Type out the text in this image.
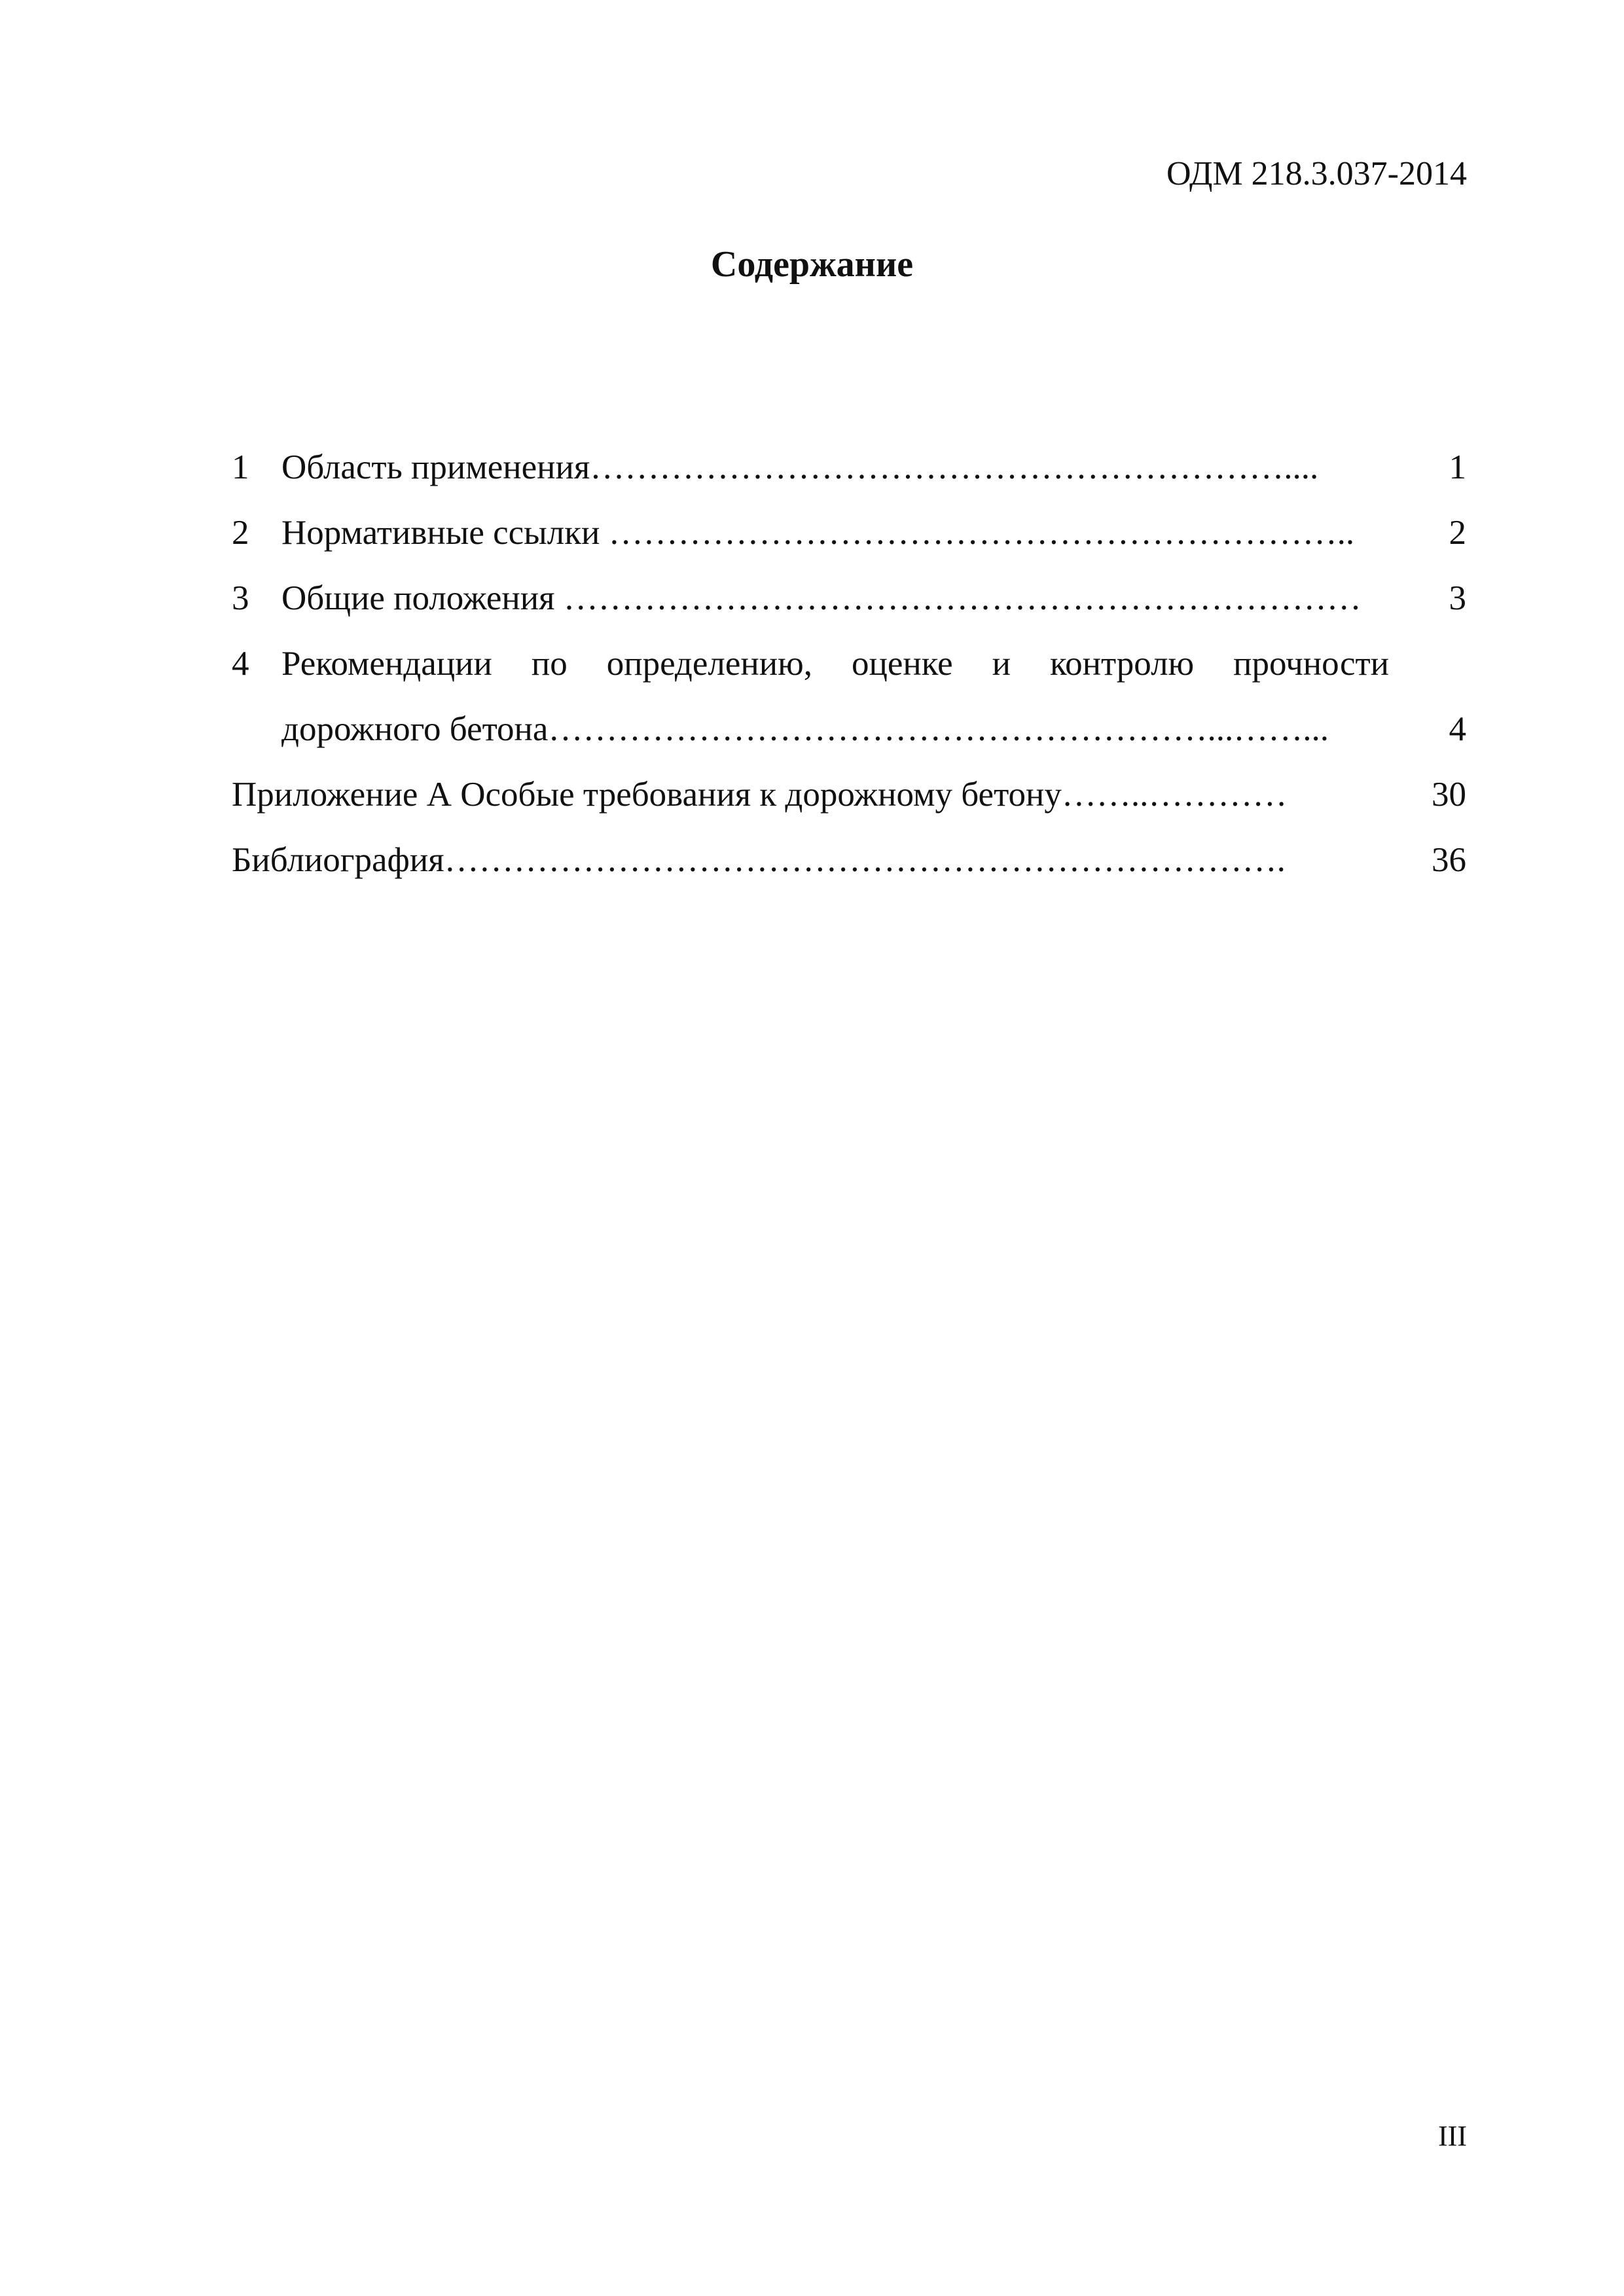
ОДМ 218.3.037-2014
Содержание
1 Область применения……………………………………………………....	1
2 Нормативные ссылки ………………………………………………………..	2
3 Общие положения ……………………………………………………………	3
4 Рекомендации по определению, оценке и контролю прочности
дорожного бетона…………………………………………………...……...	4
Приложение А Особые требования к дорожному бетону……..…………	30
Библиография……………………………………………………………….	36
III
